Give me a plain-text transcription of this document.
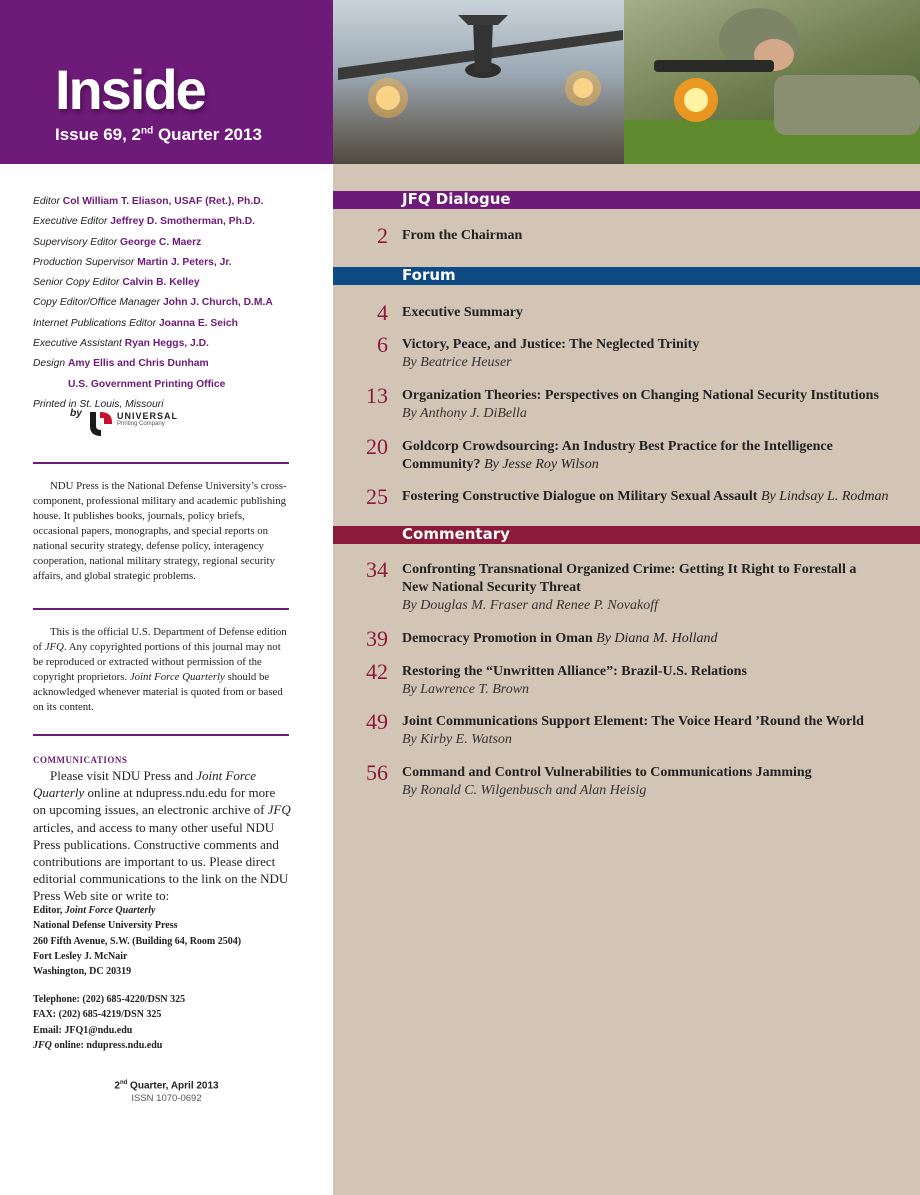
Inside
Issue 69, 2nd Quarter 2013
Editor Col William T. Eliason, USAF (Ret.), Ph.D.
Executive Editor Jeffrey D. Smotherman, Ph.D.
Supervisory Editor George C. Maerz
Production Supervisor Martin J. Peters, Jr.
Senior Copy Editor Calvin B. Kelley
Copy Editor/Office Manager John J. Church, D.M.A
Internet Publications Editor Joanna E. Seich
Executive Assistant Ryan Heggs, J.D.
Design Amy Ellis and Chris Dunham
U.S. Government Printing Office
Printed in St. Louis, Missouri
by	UNIVERSAL
Printing Company

NDU Press is the National Defense University’s cross-component, professional military and academic publishing house. It publishes books, journals, policy briefs, occasional papers, monographs, and special reports on national security strategy, defense policy, interagency cooperation, national military strategy, regional security affairs, and global strategic problems.

This is the official U.S. Department of Defense edition of JFQ. Any copyrighted portions of this journal may not be reproduced or extracted without permission of the copyright proprietors. Joint Force Quarterly should be acknowledged whenever material is quoted from or based on its content.

COMMUNICATIONS

Please visit NDU Press and Joint Force Quarterly online at ndupress.ndu.edu for more on upcoming issues, an electronic archive of JFQ articles, and access to many other useful NDU Press publications. Constructive comments and contributions are important to us. Please direct editorial communications to the link on the NDU Press Web site or write to:

Editor, Joint Force Quarterly
National Defense University Press
260 Fifth Avenue, S.W. (Building 64, Room 2504)
Fort Lesley J. McNair
Washington, DC 20319
Telephone: (202) 685-4220/DSN 325
FAX: (202) 685-4219/DSN 325
Email: JFQ1@ndu.edu
JFQ online: ndupress.ndu.edu
2nd Quarter, April 2013
ISSN 1070-0692
JFQ Dialogue
2 From the Chairman
Forum
4 Executive Summary
6 Victory, Peace, and Justice: The Neglected Trinity
By Beatrice Heuser
13 Organization Theories: Perspectives on Changing National Security Institutions
By Anthony J. DiBella
20 Goldcorp Crowdsourcing: An Industry Best Practice for the Intelligence Community? By Jesse Roy Wilson
25 Fostering Constructive Dialogue on Military Sexual Assault By Lindsay L. Rodman
Commentary
34 Confronting Transnational Organized Crime: Getting It Right to Forestall a New National Security Threat
By Douglas M. Fraser and Renee P. Novakoff
39 Democracy Promotion in Oman By Diana M. Holland
42 Restoring the “Unwritten Alliance”: Brazil-U.S. Relations
By Lawrence T. Brown
49 Joint Communications Support Element: The Voice Heard ’Round the World
By Kirby E. Watson
56 Command and Control Vulnerabilities to Communications Jamming
By Ronald C. Wilgenbusch and Alan Heisig
